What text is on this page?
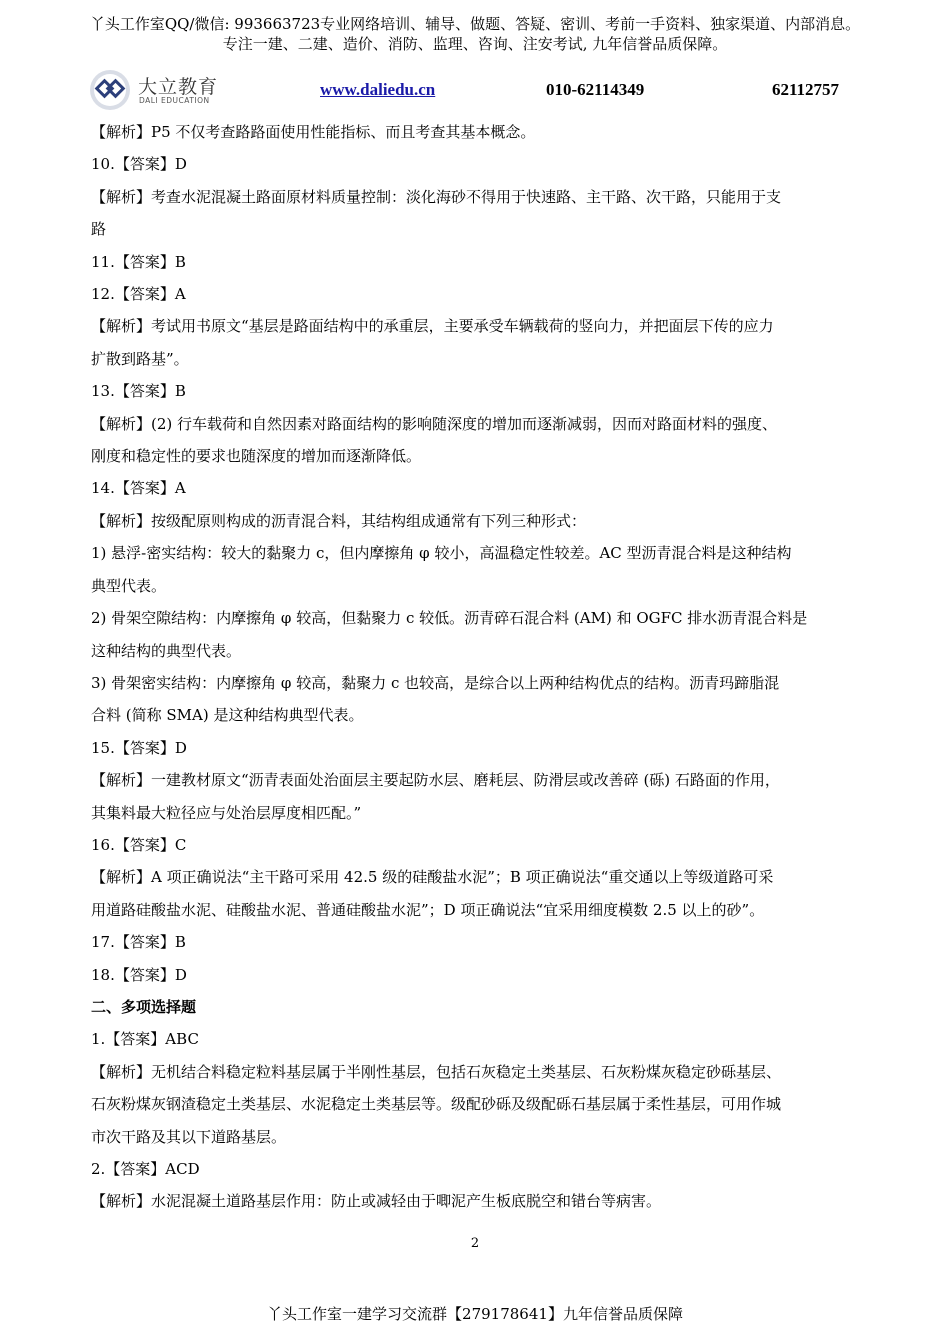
丫头工作室QQ/微信: 993663723专业网络培训、辅导、做题、答疑、密训、考前一手资料、独家渠道、内部消息。
专注一建、二建、造价、消防、监理、咨询、注安考试, 九年信誉品质保障。
大立教育
DALI EDUCATION
www.daliedu.cn	010-62114349	62112757
【解析】P5 不仅考查路路面使用性能指标、而且考查其基本概念。
10.【答案】D
【解析】考查水泥混凝土路面原材料质量控制：淡化海砂不得用于快速路、主干路、次干路，只能用于支
路
11.【答案】B
12.【答案】A
【解析】考试用书原文“基层是路面结构中的承重层，主要承受车辆载荷的竖向力，并把面层下传的应力
扩散到路基”。
13.【答案】B
【解析】(2) 行车载荷和自然因素对路面结构的影响随深度的增加而逐渐减弱，因而对路面材料的强度、
刚度和稳定性的要求也随深度的增加而逐渐降低。
14.【答案】A
【解析】按级配原则构成的沥青混合料，其结构组成通常有下列三种形式：
1) 悬浮-密实结构：较大的黏聚力 c，但内摩擦角 φ 较小，高温稳定性较差。AC 型沥青混合料是这种结构
典型代表。
2) 骨架空隙结构：内摩擦角 φ 较高，但黏聚力 c 较低。沥青碎石混合料 (AM) 和 OGFC 排水沥青混合料是
这种结构的典型代表。
3) 骨架密实结构：内摩擦角 φ 较高，黏聚力 c 也较高，是综合以上两种结构优点的结构。沥青玛蹄脂混
合料 (简称 SMA) 是这种结构典型代表。
15.【答案】D
【解析】一建教材原文“沥青表面处治面层主要起防水层、磨耗层、防滑层或改善碎 (砾) 石路面的作用，
其集料最大粒径应与处治层厚度相匹配。”
16.【答案】C
【解析】A 项正确说法“主干路可采用 42.5 级的硅酸盐水泥”；B 项正确说法“重交通以上等级道路可采
用道路硅酸盐水泥、硅酸盐水泥、普通硅酸盐水泥”；D 项正确说法“宜采用细度模数 2.5 以上的砂”。
17.【答案】B
18.【答案】D
二、多项选择题
1.【答案】ABC
【解析】无机结合料稳定粒料基层属于半刚性基层，包括石灰稳定土类基层、石灰粉煤灰稳定砂砾基层、
石灰粉煤灰钢渣稳定土类基层、水泥稳定土类基层等。级配砂砾及级配砾石基层属于柔性基层，可用作城
市次干路及其以下道路基层。
2.【答案】ACD
【解析】水泥混凝土道路基层作用：防止或减轻由于唧泥产生板底脱空和错台等病害。
2
丫头工作室一建学习交流群【279178641】九年信誉品质保障
